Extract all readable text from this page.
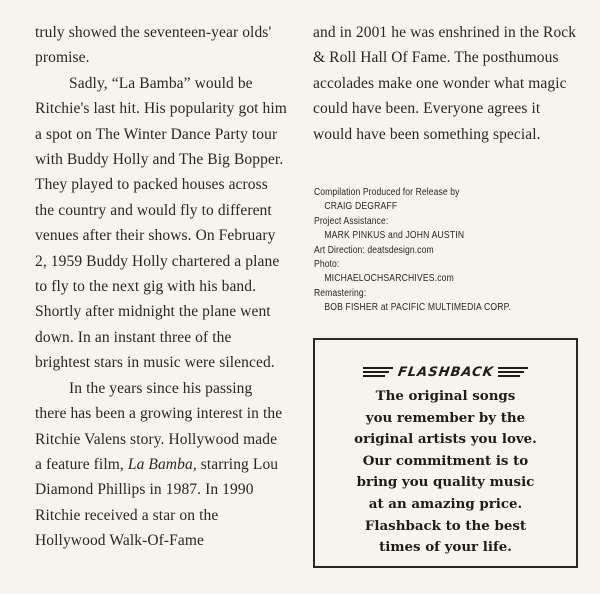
truly showed the seventeen-year olds' promise.

Sadly, “La Bamba” would be Ritchie's last hit. His popularity got him a spot on The Winter Dance Party tour with Buddy Holly and The Big Bopper. They played to packed houses across the country and would fly to different venues after their shows. On February 2, 1959 Buddy Holly chartered a plane to fly to the next gig with his band. Shortly after midnight the plane went down. In an instant three of the brightest stars in music were silenced.

In the years since his passing there has been a growing interest in the Ritchie Valens story. Hollywood made a feature film, La Bamba, starring Lou Diamond Phillips in 1987. In 1990 Ritchie received a star on the Hollywood Walk-Of-Fame

and in 2001 he was enshrined in the Rock & Roll Hall Of Fame. The posthumous accolades make one wonder what magic could have been. Everyone agrees it would have been something special.

Compilation Produced for Release by
CRAIG DEGRAFF
Project Assistance:
MARK PINKUS and JOHN AUSTIN
Art Direction: deatsdesign.com
Photo:
MICHAELOCHSARCHIVES.com
Remastering:
BOB FISHER at PACIFIC MULTIMEDIA CORP.
FLASHBACK
The original songs
you remember by the
original artists you love.
Our commitment is to
bring you quality music
at an amazing price.
Flashback to the best
times of your life.
